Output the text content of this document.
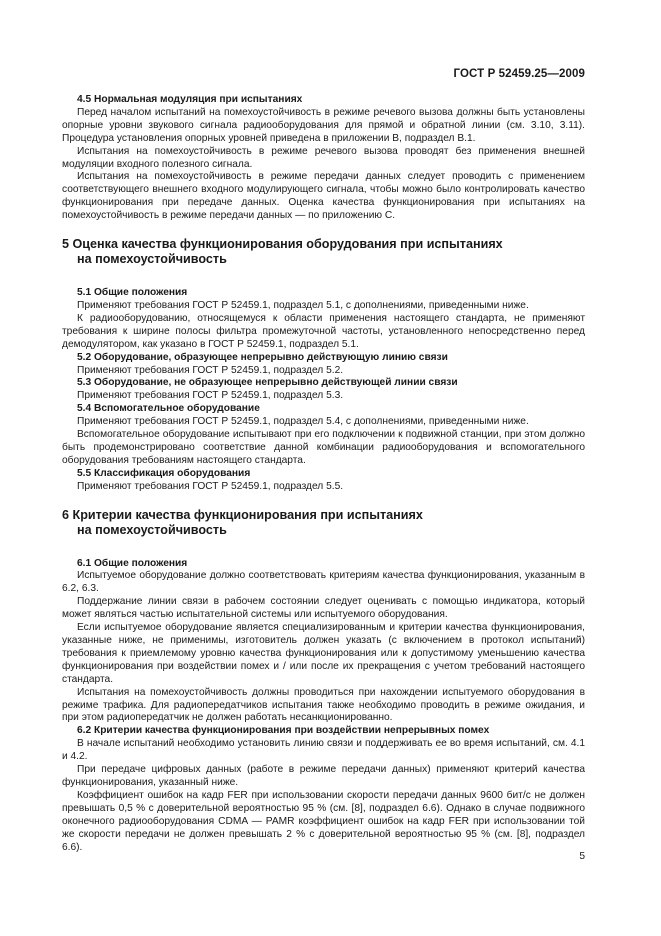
ГОСТ Р 52459.25—2009

4.5 Нормальная модуляция при испытаниях

Перед началом испытаний на помехоустойчивость в режиме речевого вызова должны быть установлены опорные уровни звукового сигнала радиооборудования для прямой и обратной линии (см. 3.10, 3.11). Процедура установления опорных уровней приведена в приложении В, подраздел В.1.

Испытания на помехоустойчивость в режиме речевого вызова проводят без применения внешней модуляции входного полезного сигнала.

Испытания на помехоустойчивость в режиме передачи данных следует проводить с применением соответствующего внешнего входного модулирующего сигнала, чтобы можно было контролировать качество функционирования при передаче данных. Оценка качества функционирования при испытаниях на помехоустойчивость в режиме передачи данных — по приложению С.

5 Оценка качества функционирования оборудования при испытаниях
на помехоустойчивость

5.1 Общие положения

Применяют требования ГОСТ Р 52459.1, подраздел 5.1, с дополнениями, приведенными ниже.

К радиооборудованию, относящемуся к области применения настоящего стандарта, не применяют требования к ширине полосы фильтра промежуточной частоты, установленного непосредственно перед демодулятором, как указано в ГОСТ Р 52459.1, подраздел 5.1.

5.2 Оборудование, образующее непрерывно действующую линию связи

Применяют требования ГОСТ Р 52459.1, подраздел 5.2.

5.3 Оборудование, не образующее непрерывно действующей линии связи

Применяют требования ГОСТ Р 52459.1, подраздел 5.3.

5.4 Вспомогательное оборудование

Применяют требования ГОСТ Р 52459.1, подраздел 5.4, с дополнениями, приведенными ниже.

Вспомогательное оборудование испытывают при его подключении к подвижной станции, при этом должно быть продемонстрировано соответствие данной комбинации радиооборудования и вспомогательного оборудования требованиям настоящего стандарта.

5.5 Классификация оборудования

Применяют требования ГОСТ Р 52459.1, подраздел 5.5.

6 Критерии качества функционирования при испытаниях
на помехоустойчивость

6.1 Общие положения

Испытуемое оборудование должно соответствовать критериям качества функционирования, указанным в 6.2, 6.3.

Поддержание линии связи в рабочем состоянии следует оценивать с помощью индикатора, который может являться частью испытательной системы или испытуемого оборудования.

Если испытуемое оборудование является специализированным и критерии качества функционирования, указанные ниже, не применимы, изготовитель должен указать (с включением в протокол испытаний) требования к приемлемому уровню качества функционирования или к допустимому уменьшению качества функционирования при воздействии помех и / или после их прекращения с учетом требований настоящего стандарта.

Испытания на помехоустойчивость должны проводиться при нахождении испытуемого оборудования в режиме трафика. Для радиопередатчиков испытания также необходимо проводить в режиме ожидания, и при этом радиопередатчик не должен работать несанкционированно.

6.2 Критерии качества функционирования при воздействии непрерывных помех

В начале испытаний необходимо установить линию связи и поддерживать ее во время испытаний, см. 4.1 и 4.2.

При передаче цифровых данных (работе в режиме передачи данных) применяют критерий качества функционирования, указанный ниже.

Коэффициент ошибок на кадр FER при использовании скорости передачи данных 9600 бит/с не должен превышать 0,5 % с доверительной вероятностью 95 % (см. [8], подраздел 6.6). Однако в случае подвижного оконечного радиооборудования CDMA — PAMR коэффициент ошибок на кадр FER при использовании той же скорости передачи не должен превышать 2 % с доверительной вероятностью 95 % (см. [8], подраздел 6.6).

5
